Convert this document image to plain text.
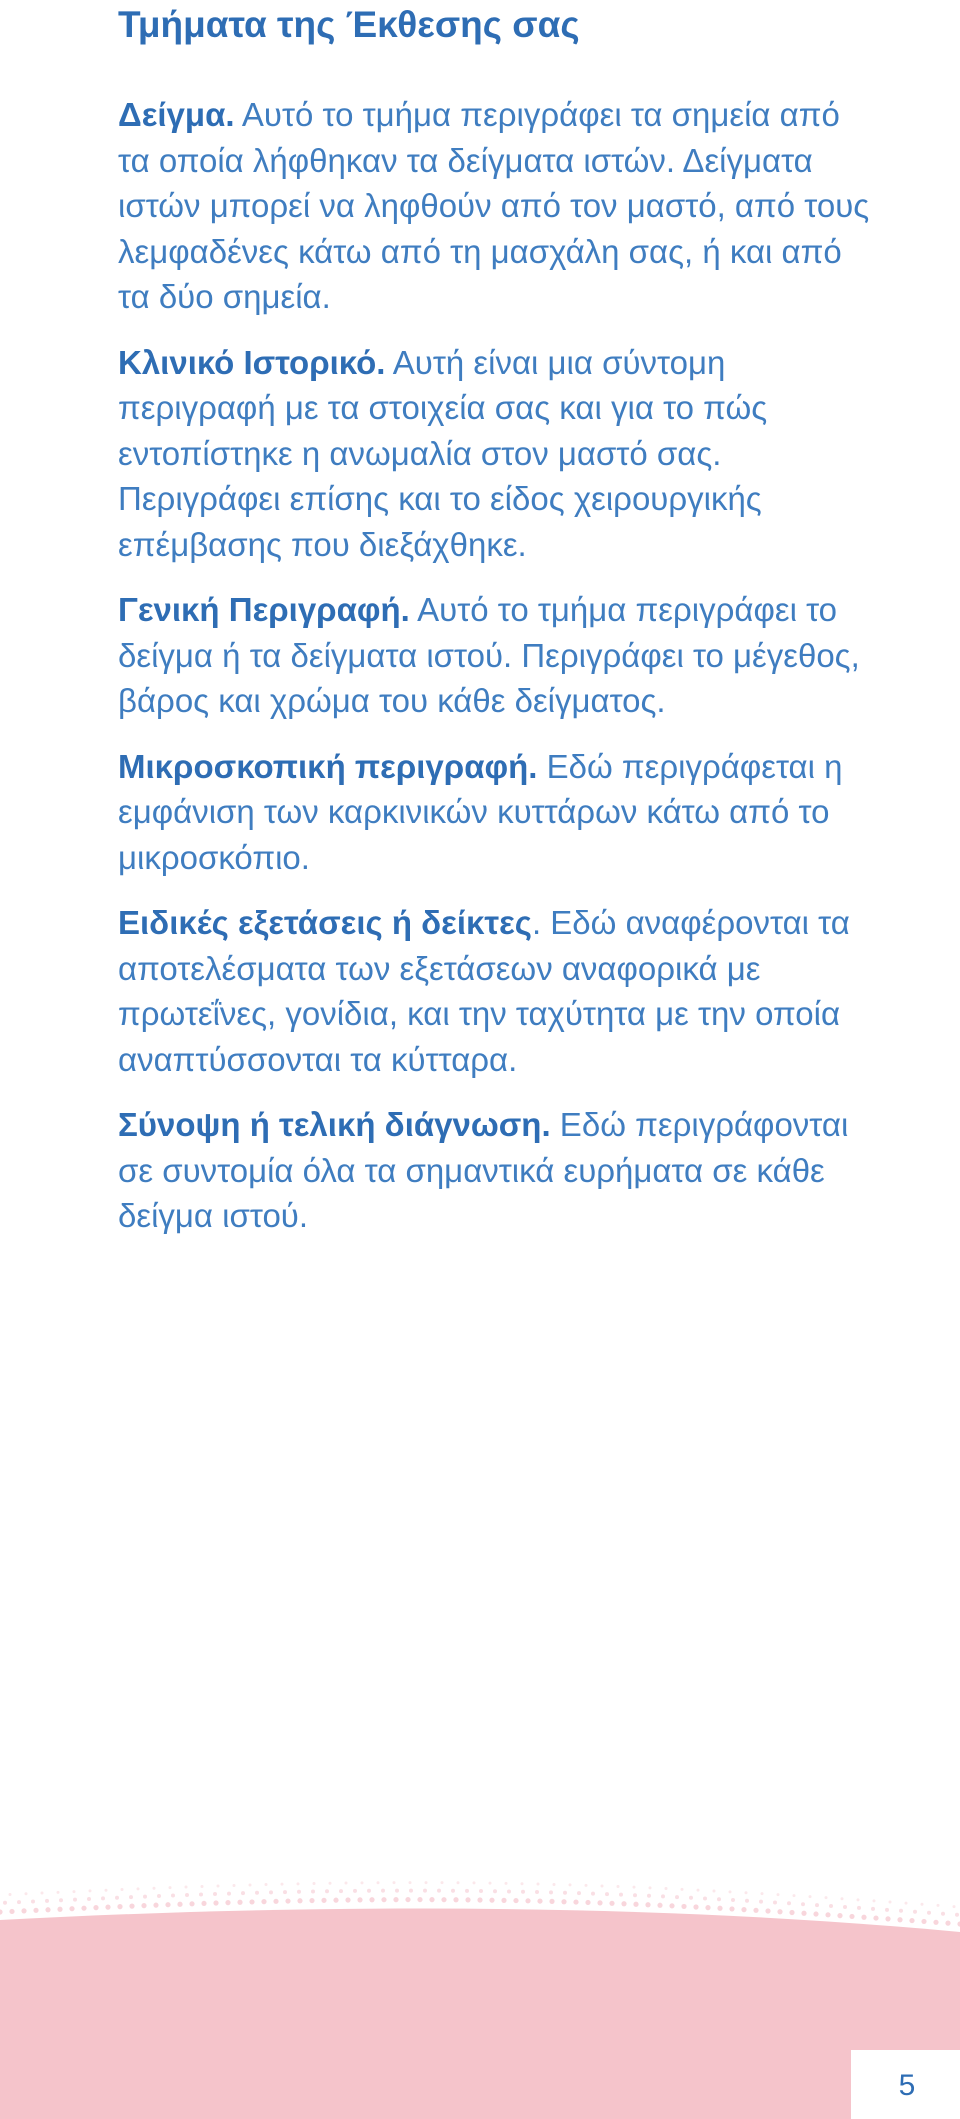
Τμήματα της Έκθεσης σας

Δείγμα. Αυτό το τμήμα περιγράφει τα σημεία από τα οποία λήφθηκαν τα δείγματα ιστών. Δείγματα ιστών μπορεί να ληφθούν από τον μαστό, από τους λεμφαδένες κάτω από τη μασχάλη σας, ή και από τα δύο σημεία.

Κλινικό Ιστορικό. Αυτή είναι μια σύντομη περιγραφή με τα στοιχεία σας και για το πώς εντοπίστηκε η ανωμαλία στον μαστό σας. Περιγράφει επίσης και το είδος χειρουργικής επέμβασης που διεξάχθηκε.

Γενική Περιγραφή. Αυτό το τμήμα περιγράφει το δείγμα ή τα δείγματα ιστού. Περιγράφει το μέγεθος, βάρος και χρώμα του κάθε δείγματος.

Μικροσκοπική περιγραφή. Εδώ περιγράφεται η εμφάνιση των καρκινικών κυττάρων κάτω από το μικροσκόπιο.

Ειδικές εξετάσεις ή δείκτες. Εδώ αναφέρονται τα αποτελέσματα των εξετάσεων αναφορικά με πρωτεΐνες, γονίδια, και την ταχύτητα με την οποία αναπτύσσονται τα κύτταρα.

Σύνοψη ή τελική διάγνωση. Εδώ περιγράφονται σε συντομία όλα τα σημαντικά ευρήματα σε κάθε δείγμα ιστού.

5
